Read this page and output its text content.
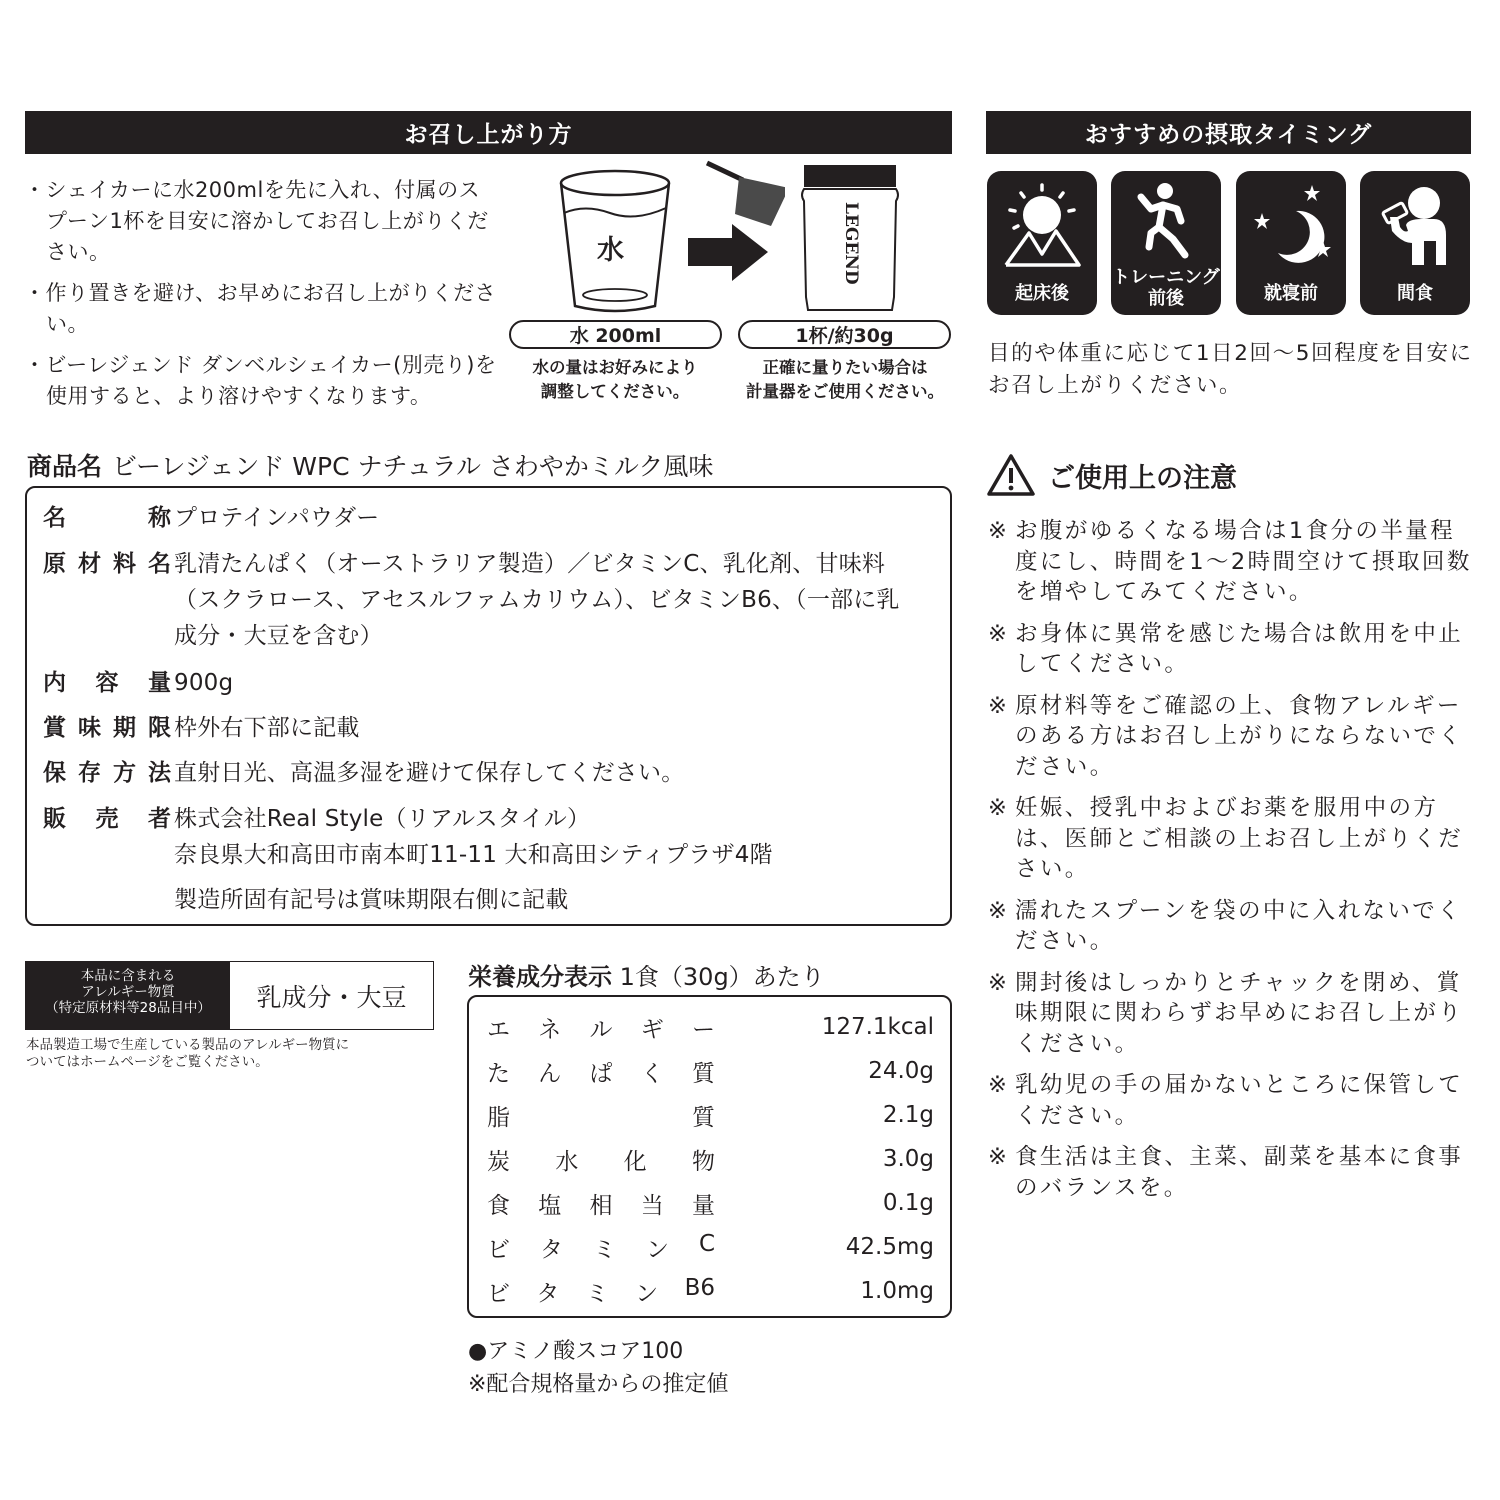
お召し上がり方
・ シェイカーに水200mlを先に入れ、付属のスプーン1杯を目安に溶かしてお召し上がりください。
・ 作り置きを避け、お早めにお召し上がりください。
・ ビーレジェンド ダンベルシェイカー(別売り)を使用すると、より溶けやすくなります。
水	LEGEND
水 200ml
水の量はお好みにより
調整してください。
1杯/約30g
正確に量りたい場合は
計量器をご使用ください。
おすすめの摂取タイミング
起床後
トレーニング
前後	就寝前	間食
目的や体重に応じて1日2回〜5回程度を目安にお召し上がりください。
商品名 ビーレジェンド WPC ナチュラル さわやかミルク風味
名	称 プロテインパウダー
原 材 料 名 乳清たんぱく（オーストラリア製造）／ビタミンC、乳化剤、甘味料
（スクラロース、アセスルファムカリウム）、ビタミンB6、（一部に乳
成分・大豆を含む）
内 容 量 900g
賞 味 期 限 枠外右下部に記載
保 存 方 法 直射日光、高温多湿を避けて保存してください。
販 売 者 株式会社Real Style（リアルスタイル）
奈良県大和高田市南本町11-11 大和高田シティプラザ4階
製造所固有記号は賞味期限右側に記載
本品に含まれる
アレルギー物質
（特定原材料等28品目中）	乳成分・大豆
本品製造工場で生産している製品のアレルギー物質に
ついてはホームページをご覧ください。
栄養成分表示 1食（30g）あたり
エ ネ ル ギ ー	127.1kcal
た ん ぱ く 質	24.0g
脂	質	2.1g
炭 水 化 物	3.0g
食 塩 相 当 量	0.1g
ビ タ ミ ン C	42.5mg
ビ タ ミ ン B6	1.0mg
●アミノ酸スコア100
※配合規格量からの推定値
ご使用上の注意
※ お腹がゆるくなる場合は1食分の半量程度にし、時間を1〜2時間空けて摂取回数を増やしてみてください。
※ お身体に異常を感じた場合は飲用を中止してください。
※ 原材料等をご確認の上、食物アレルギーのある方はお召し上がりにならないでください。
※ 妊娠、授乳中およびお薬を服用中の方は、医師とご相談の上お召し上がりください。
※ 濡れたスプーンを袋の中に入れないでください。
※ 開封後はしっかりとチャックを閉め、賞味期限に関わらずお早めにお召し上がりください。
※ 乳幼児の手の届かないところに保管してください。
※ 食生活は主食、主菜、副菜を基本に食事のバランスを。
